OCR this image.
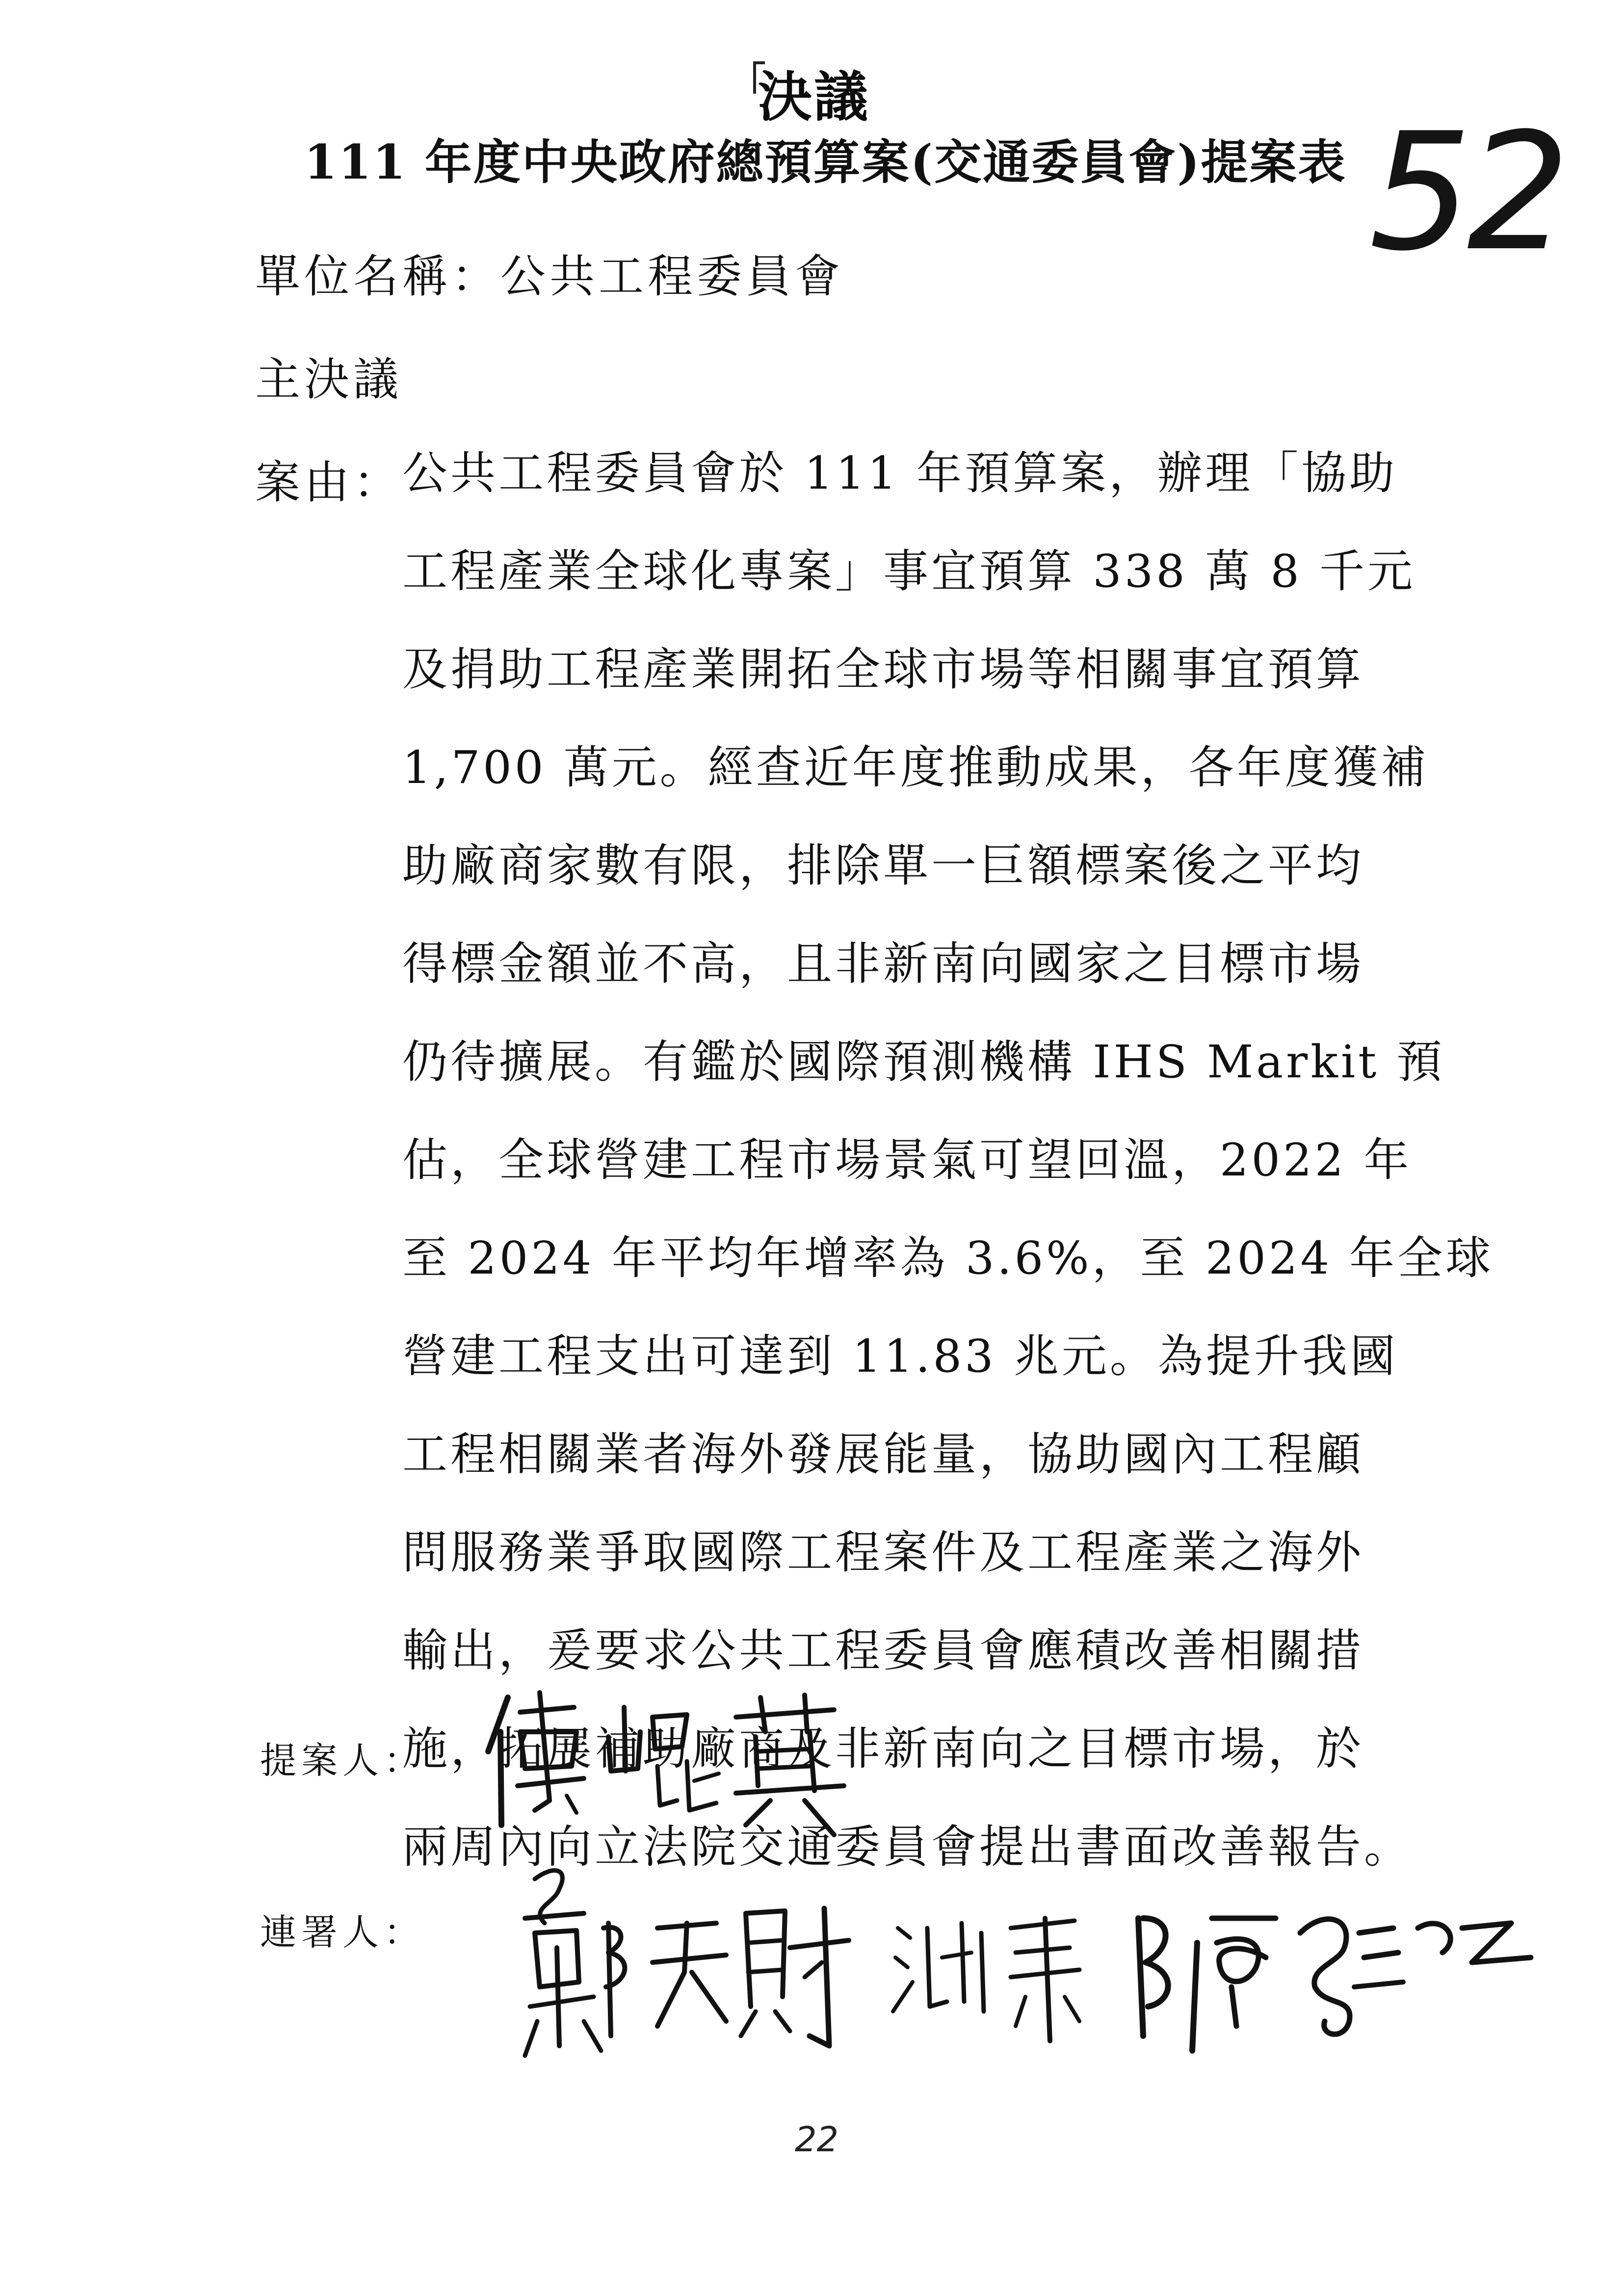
決議
111 年度中央政府總預算案(交通委員會)提案表 52
單位名稱：公共工程委員會
主決議
案由： 公共工程委員會於 111 年預算案，辦理「協助
工程產業全球化專案」事宜預算 338 萬 8 千元
及捐助工程產業開拓全球市場等相關事宜預算
1,700 萬元。經查近年度推動成果，各年度獲補
助廠商家數有限，排除單一巨額標案後之平均
得標金額並不高，且非新南向國家之目標市場
仍待擴展。有鑑於國際預測機構 IHS Markit 預
估，全球營建工程市場景氣可望回溫，2022 年
至 2024 年平均年增率為 3.6%，至 2024 年全球
營建工程支出可達到 11.83 兆元。為提升我國
工程相關業者海外發展能量，協助國內工程顧
問服務業爭取國際工程案件及工程產業之海外
輸出，爰要求公共工程委員會應積改善相關措
施，拓展補助廠商及非新南向之目標市場，於
兩周內向立法院交通委員會提出書面改善報告。
提案人：
連署人：
22
